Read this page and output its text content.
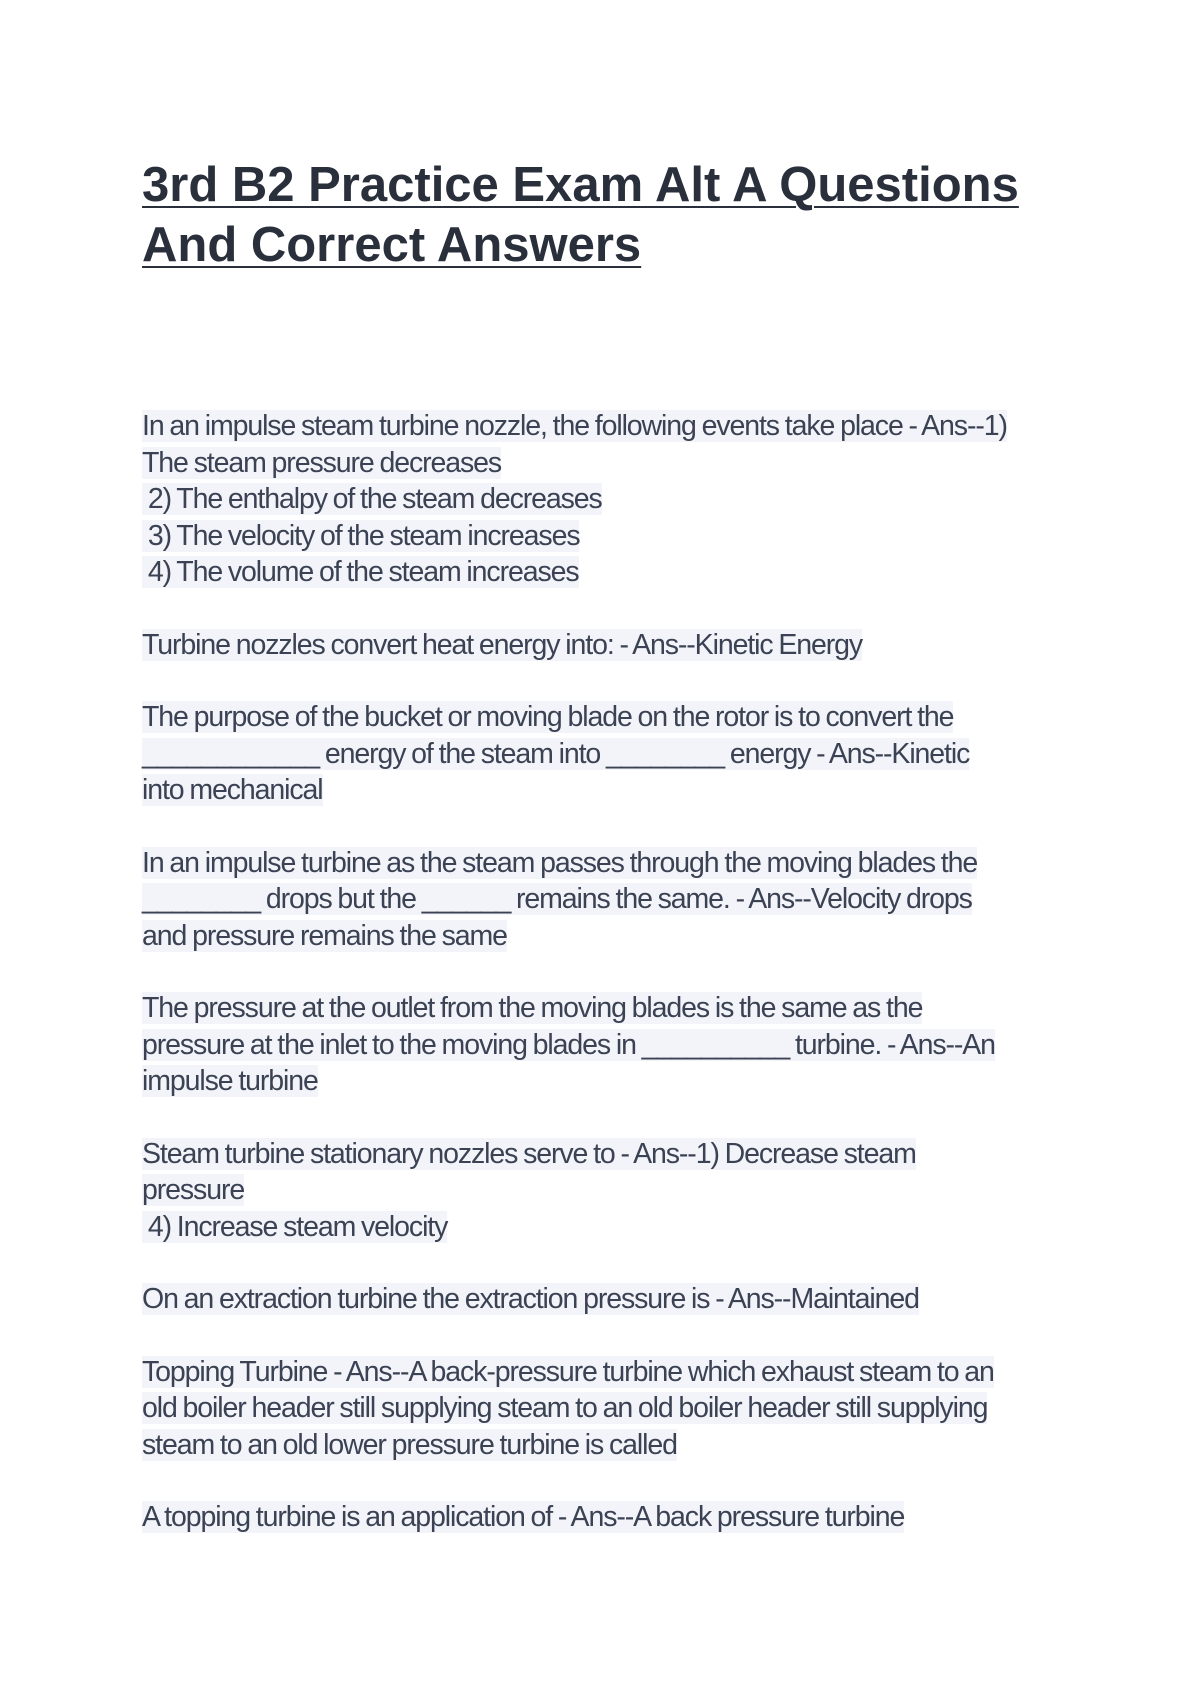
3rd B2 Practice Exam Alt A Questions
And Correct Answers
In an impulse steam turbine nozzle, the following events take place - Ans--1)
The steam pressure decreases
2) The enthalpy of the steam decreases
3) The velocity of the steam increases
4) The volume of the steam increases
Turbine nozzles convert heat energy into: - Ans--Kinetic Energy
The purpose of the bucket or moving blade on the rotor is to convert the
____________ energy of the steam into ________ energy - Ans--Kinetic
into mechanical
In an impulse turbine as the steam passes through the moving blades the
________ drops but the ______ remains the same. - Ans--Velocity drops
and pressure remains the same
The pressure at the outlet from the moving blades is the same as the
pressure at the inlet to the moving blades in __________ turbine. - Ans--An
impulse turbine
Steam turbine stationary nozzles serve to - Ans--1) Decrease steam
pressure
4) Increase steam velocity
On an extraction turbine the extraction pressure is - Ans--Maintained
Topping Turbine - Ans--A back-pressure turbine which exhaust steam to an
old boiler header still supplying steam to an old boiler header still supplying
steam to an old lower pressure turbine is called
A topping turbine is an application of - Ans--A back pressure turbine
